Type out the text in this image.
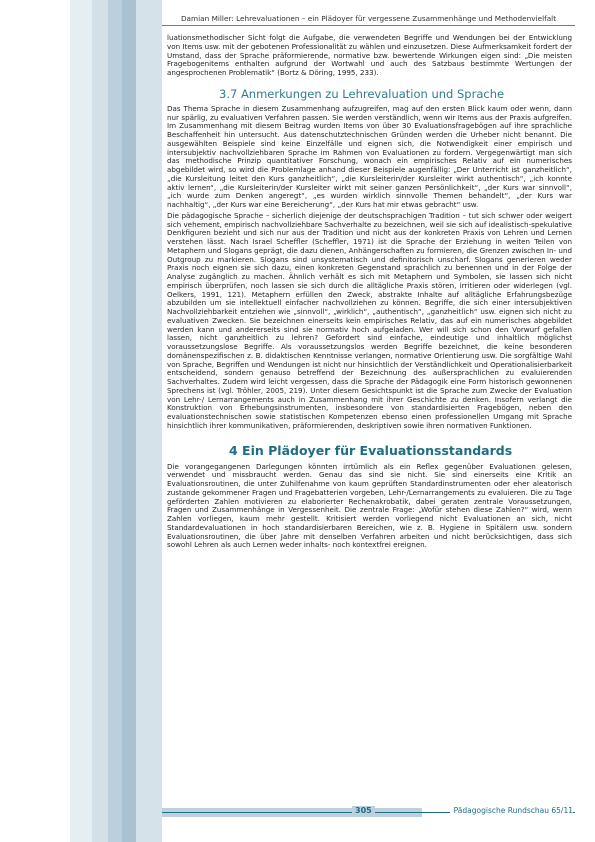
Damian Miller: Lehrevaluationen – ein Plädoyer für vergessene Zusammenhänge und Methodenvielfalt

luationsmethodischer Sicht folgt die Aufgabe, die verwendeten Begriffe und Wendungen bei der Entwicklung von Items usw. mit der gebotenen Professionalität zu wählen und einzusetzen. Diese Aufmerksamkeit fordert der Umstand, dass der Sprache präformierende, normative bzw. bewertende Wirkungen eigen sind: „Die meisten Fragebogenitems enthalten aufgrund der Wortwahl und auch des Satzbaus bestimmte Wertungen der angesprochenen Problematik“ (Bortz & Döring, 1995, 233).

3.7 Anmerkungen zu Lehrevaluation und Sprache

Das Thema Sprache in diesem Zusammenhang aufzugreifen, mag auf den ersten Blick kaum oder wenn, dann nur spärlig, zu evaluativen Verfahren passen. Sie werden verständlich, wenn wir Items aus der Praxis aufgreifen. Im Zusammenhang mit diesem Beitrag wurden Items von über 30 Evaluationsfragebögen auf ihre sprachliche Beschaffenheit hin untersucht. Aus datenschutztechnischen Gründen werden die Urheber nicht benannt. Die ausgewählten Beispiele sind keine Einzelfälle und eignen sich, die Notwendigkeit einer empirisch und intersubjektiv nachvollziehbaren Sprache im Rahmen von Evaluationen zu fordern. Vergegenwärtigt man sich das methodische Prinzip quantitativer Forschung, wonach ein empirisches Relativ auf ein numerisches abgebildet wird, so wird die Problemlage anhand dieser Beispiele augenfällig: „Der Unterricht ist ganzheitlich“, „die Kursleitung leitet den Kurs ganzheitlich“, „die Kursleiterin/der Kursleiter wirkt authentisch“, „ich konnte aktiv lernen“, „die Kursleiterin/der Kursleiter wirkt mit seiner ganzen Persönlichkeit“, „der Kurs war sinnvoll“, „ich wurde zum Denken angeregt“, „es wurden wirklich sinnvolle Themen behandelt“, „der Kurs war nachhaltig“, „der Kurs war eine Bereicherung“, „der Kurs hat mir etwas gebracht“ usw.

Die pädagogische Sprache – sicherlich diejenige der deutschsprachigen Tradition – tut sich schwer oder weigert sich vehement, empirisch nachvollziehbare Sachverhalte zu bezeichnen, weil sie sich auf idealistisch-spekulative Denkfiguren bezieht und sich nur aus der Tradition und nicht aus der konkreten Praxis von Lehren und Lernen verstehen lässt. Nach Israel Scheffler (Scheffler, 1971) ist die Sprache der Erziehung in weiten Teilen von Metaphern und Slogans geprägt, die dazu dienen, Anhängerschaften zu formieren, die Grenzen zwischen In- und Outgroup zu markieren. Slogans sind unsystematisch und definitorisch unscharf. Slogans generieren weder Praxis noch eignen sie sich dazu, einen konkreten Gegenstand sprachlich zu benennen und in der Folge der Analyse zugänglich zu machen. Ähnlich verhält es sich mit Metaphern und Symbolen, sie lassen sich nicht empirisch überprüfen, noch lassen sie sich durch die alltägliche Praxis stören, irritieren oder widerlegen (vgl. Oelkers, 1991, 121). Metaphern erfüllen den Zweck, abstrakte Inhalte auf alltägliche Erfahrungsbezüge abzubilden um sie intellektuell einfacher nachvollziehen zu können. Begriffe, die sich einer intersubjektiven Nachvollziehbarkeit entziehen wie „sinnvoll“, „wirklich“, „authentisch“, „ganzheitlich“ usw. eignen sich nicht zu evaluativen Zwecken. Sie bezeichnen einerseits kein empirisches Relativ, das auf ein numerisches abgebildet werden kann und andererseits sind sie normativ hoch aufgeladen. Wer will sich schon den Vorwurf gefallen lassen, nicht ganzheitlich zu lehren? Gefordert sind einfache, eindeutige und inhaltlich möglichst voraussetzungslose Begriffe. Als voraussetzungslos werden Begriffe bezeichnet, die keine besonderen domänenspezifischen z. B. didaktischen Kenntnisse verlangen, normative Orientierung usw. Die sorgfältige Wahl von Sprache, Begriffen und Wendungen ist nicht nur hinsichtlich der Verständlichkeit und Operationalisierbarkeit entscheidend, sondern genauso betreffend der Bezeichnung des außersprachlichen zu evaluierenden Sachverhaltes. Zudem wird leicht vergessen, dass die Sprache der Pädagogik eine Form historisch gewonnenen Sprechens ist (vgl. Tröhler, 2005, 219). Unter diesem Gesichtspunkt ist die Sprache zum Zwecke der Evaluation von Lehr-/ Lernarrangements auch in Zusammenhang mit ihrer Geschichte zu denken. Insofern verlangt die Konstruktion von Erhebungsinstrumenten, insbesondere von standardisierten Fragebögen, neben den evaluationstechnischen sowie statistischen Kompetenzen ebenso einen professionellen Umgang mit Sprache hinsichtlich ihrer kommunikativen, präformierenden, deskriptiven sowie ihren normativen Funktionen.

4 Ein Plädoyer für Evaluationsstandards

Die vorangegangenen Darlegungen könnten irrtümlich als ein Reflex gegenüber Evaluationen gelesen, verwendet und missbraucht werden. Genau das sind sie nicht. Sie sind einerseits eine Kritik an Evaluationsroutinen, die unter Zuhilfenahme von kaum geprüften Standardinstrumenten oder eher aleatorisch zustande gekommener Fragen und Fragebatterien vorgeben, Lehr-/Lernarrangements zu evaluieren. Die zu Tage geförderten Zahlen motivieren zu elaborierter Rechenakrobatik, dabei geraten zentrale Voraussetzungen, Fragen und Zusammenhänge in Vergessenheit. Die zentrale Frage: „Wofür stehen diese Zahlen?“ wird, wenn Zahlen vorliegen, kaum mehr gestellt. Kritisiert werden vorliegend nicht Evaluationen an sich, nicht Standardevaluationen in hoch standardisierbaren Bereichen, wie z. B. Hygiene in Spitälern usw. sondern Evaluationsroutinen, die über Jahre mit denselben Verfahren arbeiten und nicht berücksichtigen, dass sich sowohl Lehren als auch Lernen weder inhalts- noch kontextfrei ereignen.

305	Pädagogische Rundschau 65/11
